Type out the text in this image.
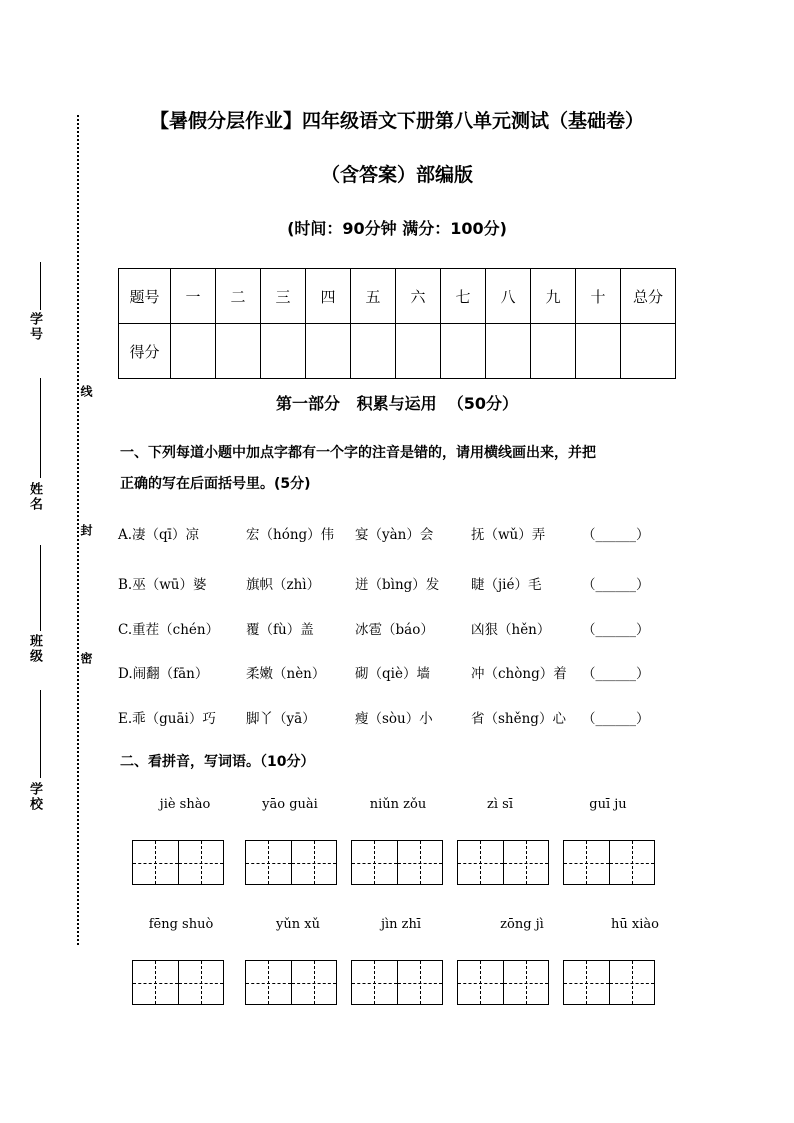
学号
姓名
班级
学校
线
封
密
【暑假分层作业】四年级语文下册第八单元测试（基础卷）
（含答案）部编版
(时间：90分钟 满分：100分)
题号	一	二	三	四	五	六	七	八	九	十	总分
得分											
第一部分   积累与运用  （50分）
一、下列每道小题中加点字都有一个字的注音是错的，请用横线画出来，并把
正确的写在后面括号里。(5分)
A.凄（qī）凉	宏（hóng）伟 宴（yàn）会	抚（wǔ）弄	（______）
B.巫（wū）婆	旗帜（zhì）	迸（bìng）发 睫（jié）毛	（______）
C.重茬（chén） 覆（fù）盖	冰雹（báo）	凶狠（hěn） （______）
D.闹翻（fān）	柔嫩（nèn） 砌（qiè）墙	冲（chòng）着 （______）
E.乖（guāi）巧 脚丫（yā）	瘦（sòu）小	省（shěng）心 （______）
二、看拼音，写词语。（10分）
jiè shào	yāo guài	niǔn zǒu	zì sī	guī ju
fēng shuò	yǔn xǔ	jìn zhī	zōng jì	hū xiào
